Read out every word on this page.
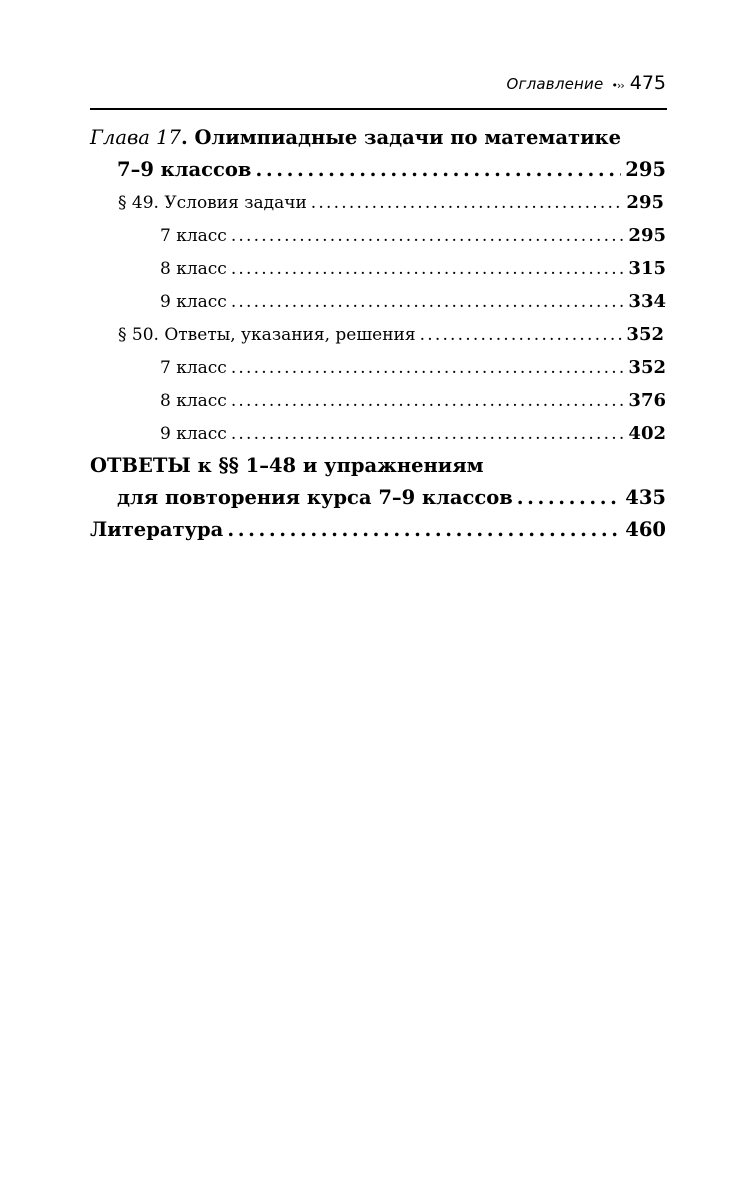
Оглавление •›› 475
Глава 17. Олимпиадные задачи по математике
7–9 классов . . .	295
§ 49. Условия задачи . . .	295
7 класс . . .	295
8 класс . . .	315
9 класс . . .	334
§ 50. Ответы, указания, решения . . .	352
7 класс . . .	352
8 класс . . .	376
9 класс . . .	402
ОТВЕТЫ к §§ 1–48 и упражнениям
для повторения курса 7–9 классов . . .	435
Литература . . .	460
